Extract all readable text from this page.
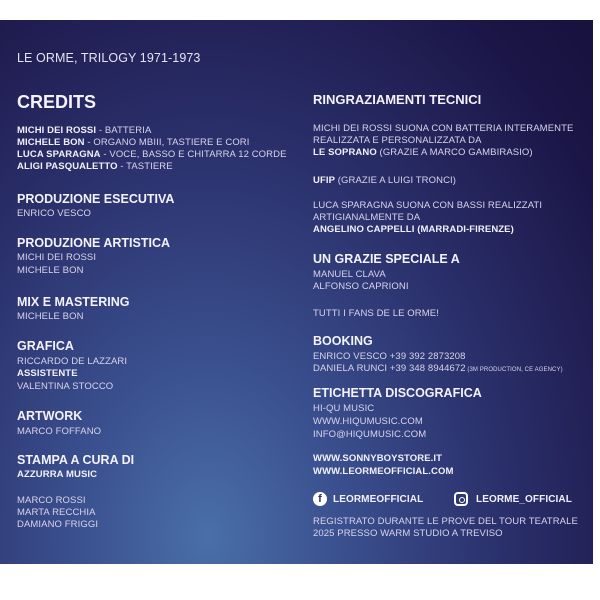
LE ORME, TRILOGY 1971-1973
CREDITS
MICHI DEI ROSSI - BATTERIA
MICHELE BON - ORGANO MBIII, TASTIERE E CORI
LUCA SPARAGNA - VOCE, BASSO E CHITARRA 12 CORDE
ALIGI PASQUALETTO - TASTIERE
PRODUZIONE ESECUTIVA
ENRICO VESCO
PRODUZIONE ARTISTICA
MICHI DEI ROSSI
MICHELE BON
MIX E MASTERING
MICHELE BON
GRAFICA
RICCARDO DE LAZZARI
ASSISTENTE
VALENTINA STOCCO
ARTWORK
MARCO FOFFANO
STAMPA A CURA DI
AZZURRA MUSIC
MARCO ROSSI
MARTA RECCHIA
DAMIANO FRIGGI
RINGRAZIAMENTI TECNICI
MICHI DEI ROSSI SUONA CON BATTERIA INTERAMENTE
REALIZZATA E PERSONALIZZATA DA
LE SOPRANO (GRAZIE A MARCO GAMBIRASIO)
UFIP (GRAZIE A LUIGI TRONCI)
LUCA SPARAGNA SUONA CON BASSI REALIZZATI
ARTIGIANALMENTE DA
ANGELINO CAPPELLI (MARRADI-FIRENZE)
UN GRAZIE SPECIALE A
MANUEL CLAVA
ALFONSO CAPRIONI
TUTTI I FANS DE LE ORME!
BOOKING
ENRICO VESCO +39 392 2873208
DANIELA RUNCI +39 348 8944672 (3M PRODUCTION, CE AGENCY)
ETICHETTA DISCOGRAFICA
HI-QU MUSIC
WWW.HIQUMUSIC.COM
INFO@HIQUMUSIC.COM
WWW.SONNYBOYSTORE.IT
WWW.LEORMEOFFICIAL.COM
f	LEORMEOFFICIAL	LEORME_OFFICIAL
REGISTRATO DURANTE LE PROVE DEL TOUR TEATRALE
2025 PRESSO WARM STUDIO A TREVISO
